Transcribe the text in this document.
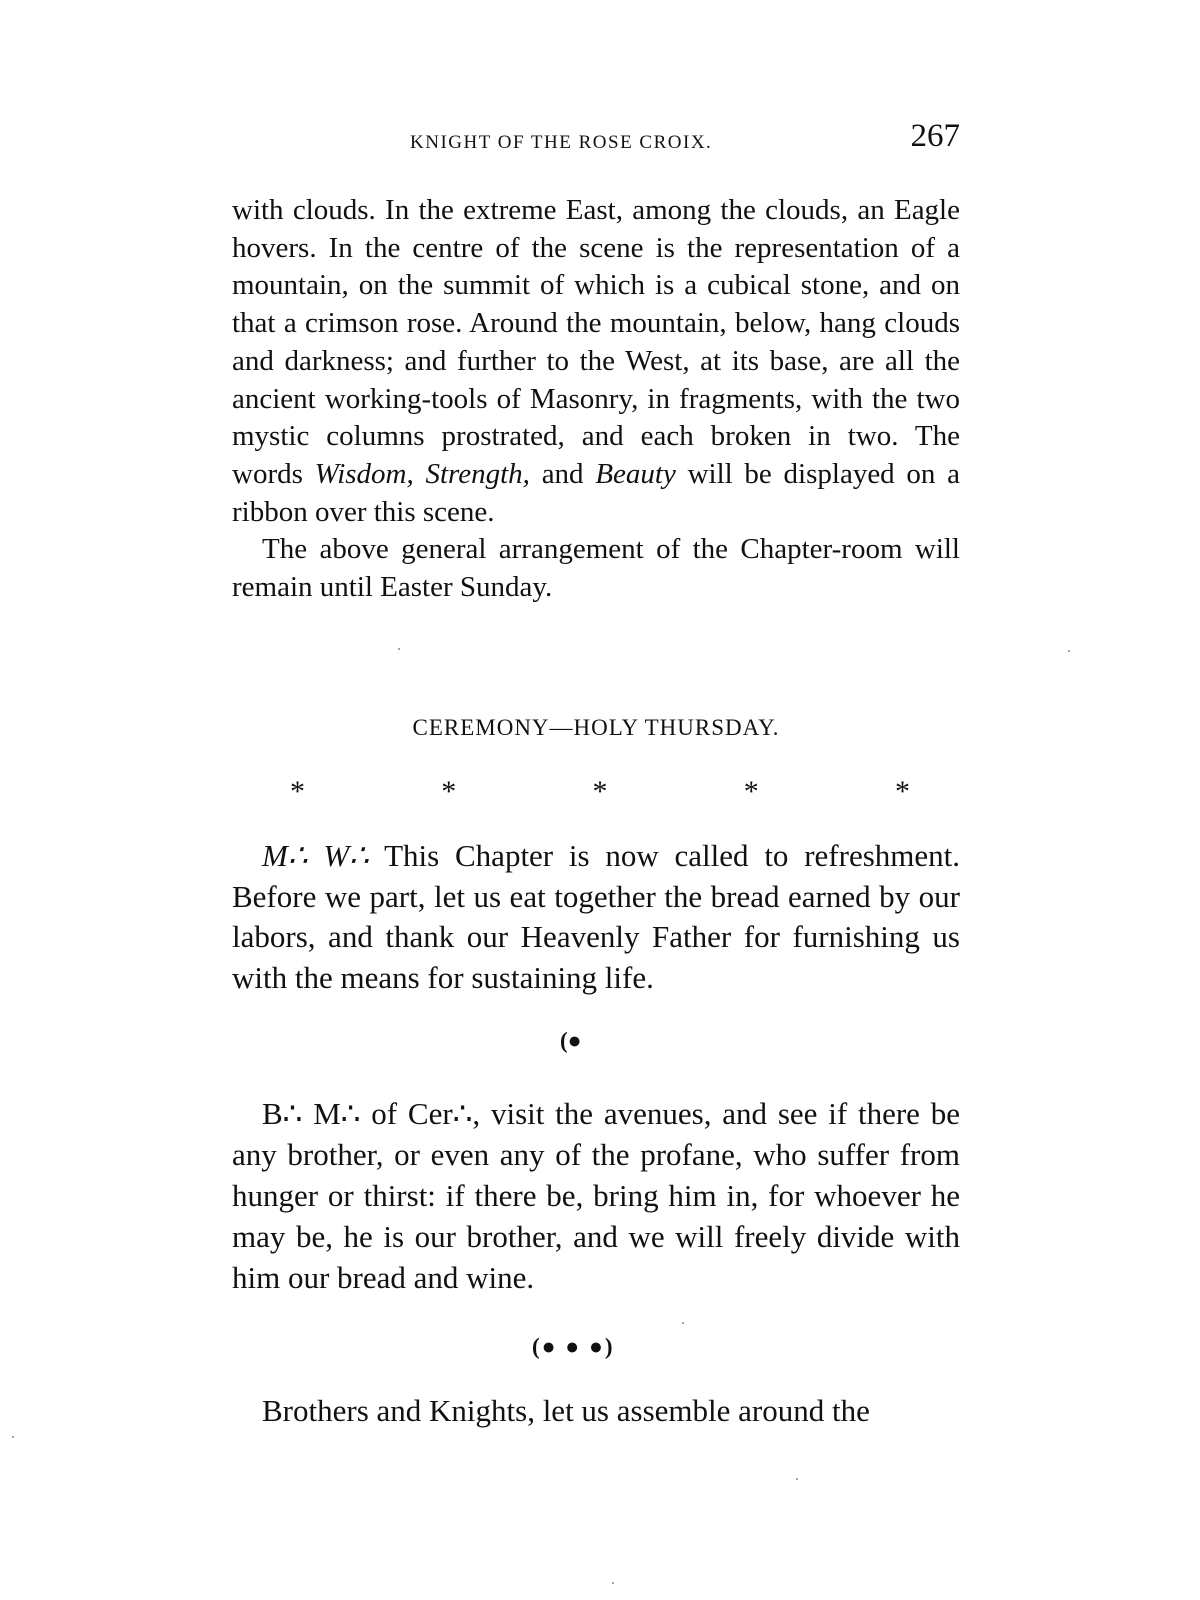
KNIGHT OF THE ROSE CROIX.	267

with clouds. In the extreme East, among the clouds, an Eagle hovers. In the centre of the scene is the representation of a mountain, on the summit of which is a cubical stone, and on that a crimson rose. Around the mountain, below, hang clouds and darkness; and further to the West, at its base, are all the ancient working-tools of Masonry, in fragments, with the two mystic columns prostrated, and each broken in two. The words Wisdom, Strength, and Beauty will be displayed on a ribbon over this scene.

The above general arrangement of the Chapter-room will remain until Easter Sunday.

CEREMONY—HOLY THURSDAY.
*	*	*	*	*

M∴ W∴ This Chapter is now called to refreshment. Before we part, let us eat together the bread earned by our labors, and thank our Heavenly Father for furnishing us with the means for sustaining life.

(●

B∴ M∴ of Cer∴, visit the avenues, and see if there be any brother, or even any of the profane, who suffer from hunger or thirst: if there be, bring him in, for whoever he may be, he is our brother, and we will freely divide with him our bread and wine.

(● ● ●)

Brothers and Knights, let us assemble around the
